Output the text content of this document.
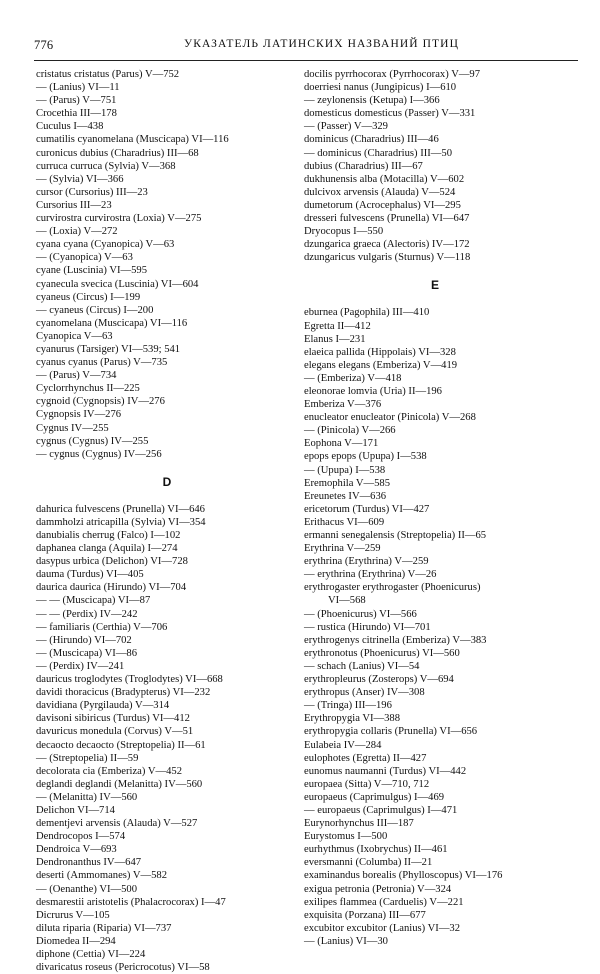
776	УКАЗАТЕЛЬ ЛАТИНСКИХ НАЗВАНИЙ ПТИЦ
cristatus cristatus (Parus) V—752
— (Lanius) VI—11
— (Parus) V—751
Crocethia III—178
Cuculus I—438
cumatilis cyanomelana (Muscicapa) VI—116
curonicus dubius (Charadrius) III—68
curruca curruca (Sylvia) V—368
— (Sylvia) VI—366
cursor (Cursorius) III—23
Cursorius III—23
curvirostra curvirostra (Loxia) V—275
— (Loxia) V—272
cyana cyana (Cyanopica) V—63
— (Cyanopica) V—63
cyane (Luscinia) VI—595
cyanecula svecica (Luscinia) VI—604
cyaneus (Circus) I—199
— cyaneus (Circus) I—200
cyanomelana (Muscicapa) VI—116
Cyanopica V—63
cyanurus (Tarsiger) VI—539; 541
cyanus cyanus (Parus) V—735
— (Parus) V—734
Cyclorrhynchus II—225
cygnoid (Cygnopsis) IV—276
Cygnopsis IV—276
Cygnus IV—255
cygnus (Cygnus) IV—255
— cygnus (Cygnus) IV—256
D
dahurica fulvescens (Prunella) VI—646
dammholzi atricapilla (Sylvia) VI—354
danubialis cherrug (Falco) I—102
daphanea clanga (Aquila) I—274
dasypus urbica (Delichon) VI—728
dauma (Turdus) VI—405
daurica daurica (Hirundo) VI—704
— — (Muscicapa) VI—87
— — (Perdix) IV—242
— familiaris (Certhia) V—706
— (Hirundo) VI—702
— (Muscicapa) VI—86
— (Perdix) IV—241
dauricus troglodytes (Troglodytes) VI—668
davidi thoracicus (Bradypterus) VI—232
davidiana (Pyrgilauda) V—314
davisoni sibiricus (Turdus) VI—412
davuricus monedula (Corvus) V—51
decaocto decaocto (Streptopelia) II—61
— (Streptopelia) II—59
decolorata cia (Emberiza) V—452
deglandi deglandi (Melanitta) IV—560
— (Melanitta) IV—560
Delichon VI—714
dementjevi arvensis (Alauda) V—527
Dendrocopos I—574
Dendroica V—693
Dendronanthus IV—647
deserti (Ammomanes) V—582
— (Oenanthe) VI—500
desmarestii aristotelis (Phalacrocorax) I—47
Dicrurus V—105
diluta riparia (Riparia) VI—737
Diomedea II—294
diphone (Cettia) VI—224
divaricatus roseus (Pericrocotus) VI—58
docilis pyrrhocorax (Pyrrhocorax) V—97
doerriesi nanus (Jungipicus) I—610
— zeylonensis (Ketupa) I—366
domesticus domesticus (Passer) V—331
— (Passer) V—329
dominicus (Charadrius) III—46
— dominicus (Charadrius) III—50
dubius (Charadrius) III—67
dukhunensis alba (Motacilla) V—602
dulcivox arvensis (Alauda) V—524
dumetorum (Acrocephalus) VI—295
dresseri fulvescens (Prunella) VI—647
Dryocopus I—550
dzungarica graeca (Alectoris) IV—172
dzungaricus vulgaris (Sturnus) V—118
E
eburnea (Pagophila) III—410
Egretta II—412
Elanus I—231
elaeica pallida (Hippolais) VI—328
elegans elegans (Emberiza) V—419
— (Emberiza) V—418
eleonorae lomvia (Uria) II—196
Emberiza V—376
enucleator enucleator (Pinicola) V—268
— (Pinicola) V—266
Eophona V—171
epops epops (Upupa) I—538
— (Upupa) I—538
Eremophila V—585
Ereunetes IV—636
ericetorum (Turdus) VI—427
Erithacus VI—609
ermanni senegalensis (Streptopelia) II—65
Erythrina V—259
erythrina (Erythrina) V—259
— erythrina (Erythrina) V—26
erythrogaster erythrogaster (Phoenicurus)
VI—568
— (Phoenicurus) VI—566
— rustica (Hirundo) VI—701
erythrogenys citrinella (Emberiza) V—383
erythronotus (Phoenicurus) VI—560
— schach (Lanius) VI—54
erythropleurus (Zosterops) V—694
erythropus (Anser) IV—308
— (Tringa) III—196
Erythropygia VI—388
erythropygia collaris (Prunella) VI—656
Eulabeia IV—284
eulophotes (Egretta) II—427
eunomus naumanni (Turdus) VI—442
europaea (Sitta) V—710, 712
europaeus (Caprimulgus) I—469
— europaeus (Caprimulgus) I—471
Eurynorhynchus III—187
Eurystomus I—500
eurhythmus (Ixobrychus) II—461
eversmanni (Columba) II—21
examinandus borealis (Phylloscopus) VI—176
exigua petronia (Petronia) V—324
exilipes flammea (Carduelis) V—221
exquisita (Porzana) III—677
excubitor excubitor (Lanius) VI—32
— (Lanius) VI—30
